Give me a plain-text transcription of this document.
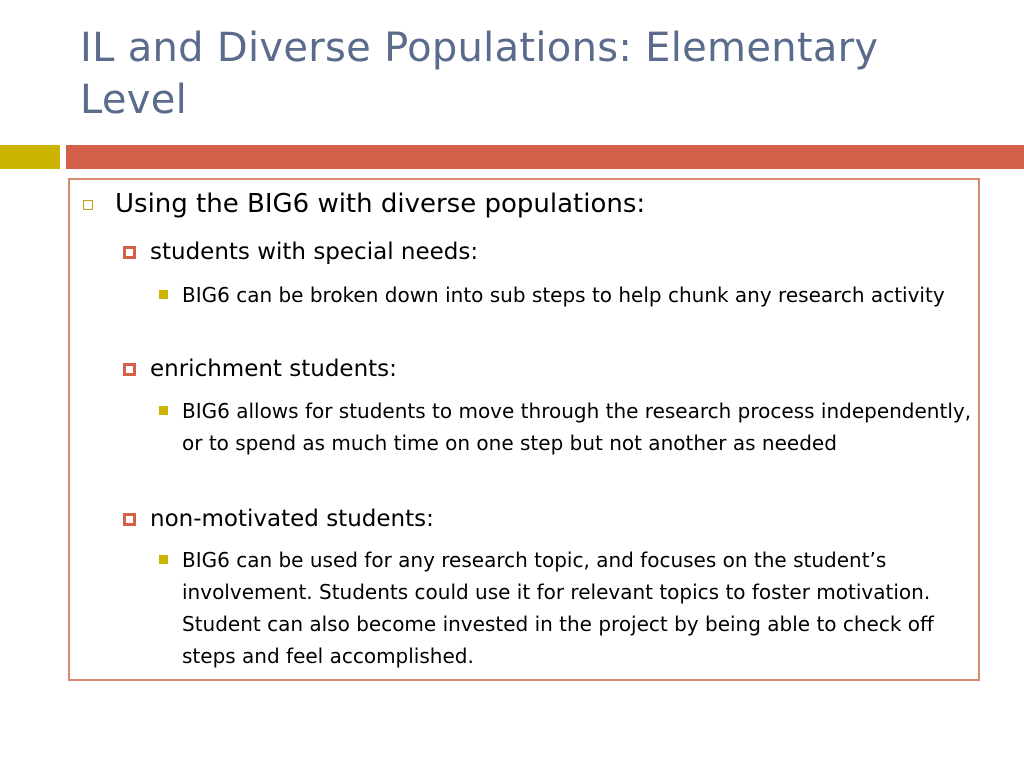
IL and Diverse Populations: Elementary Level
Using the BIG6 with diverse populations:
students with special needs:
BIG6 can be broken down into sub steps to help chunk any research activity
enrichment students:
BIG6 allows for students to move through the research process independently, or to spend as much time on one step but not another as needed
non-motivated students:
BIG6 can be used for any research topic, and focuses on the student’s involvement. Students could use it for relevant topics to foster motivation. Student can also become invested in the project by being able to check off steps and feel accomplished.
